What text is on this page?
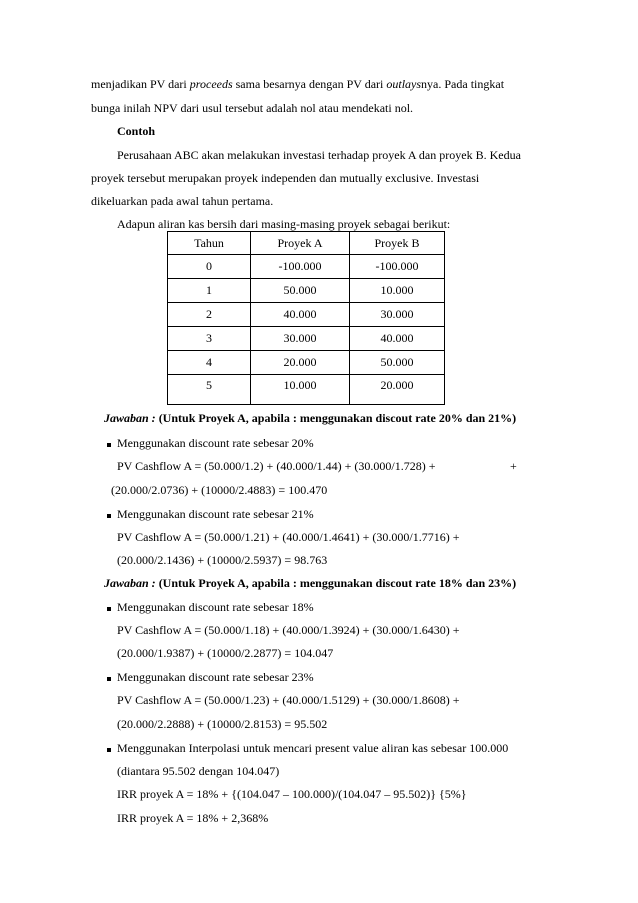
menjadikan PV dari proceeds sama besarnya dengan PV dari outlaysnya. Pada tingkat
bunga inilah NPV dari usul tersebut adalah nol atau mendekati nol.
Contoh
Perusahaan ABC akan melakukan investasi terhadap proyek A dan proyek B. Kedua
proyek tersebut merupakan proyek independen dan mutually exclusive. Investasi
dikeluarkan pada awal tahun pertama.
Adapun aliran kas bersih dari masing-masing proyek sebagai berikut:
Tahun	Proyek A	Proyek B
0	-100.000	-100.000
1	50.000	10.000
2	40.000	30.000
3	30.000	40.000
4	20.000	50.000
5	10.000	20.000
Jawaban : (Untuk Proyek A, apabila : menggunakan discout rate 20% dan 21%)
Menggunakan discount rate sebesar 20%
PV Cashflow A = (50.000/1.2) + (40.000/1.44) + (30.000/1.728) +	+
(20.000/2.0736) + (10000/2.4883) = 100.470
Menggunakan discount rate sebesar 21%
PV Cashflow A = (50.000/1.21) + (40.000/1.4641) + (30.000/1.7716) +
(20.000/2.1436) + (10000/2.5937) = 98.763
Jawaban : (Untuk Proyek A, apabila : menggunakan discout rate 18% dan 23%)
Menggunakan discount rate sebesar 18%
PV Cashflow A = (50.000/1.18) + (40.000/1.3924) + (30.000/1.6430) +
(20.000/1.9387) + (10000/2.2877) = 104.047
Menggunakan discount rate sebesar 23%
PV Cashflow A = (50.000/1.23) + (40.000/1.5129) + (30.000/1.8608) +
(20.000/2.2888) + (10000/2.8153) = 95.502
Menggunakan Interpolasi untuk mencari present value aliran kas sebesar 100.000
(diantara 95.502 dengan 104.047)
IRR proyek A = 18% + {(104.047 – 100.000)/(104.047 – 95.502)} {5%}
IRR proyek A = 18% + 2,368%
